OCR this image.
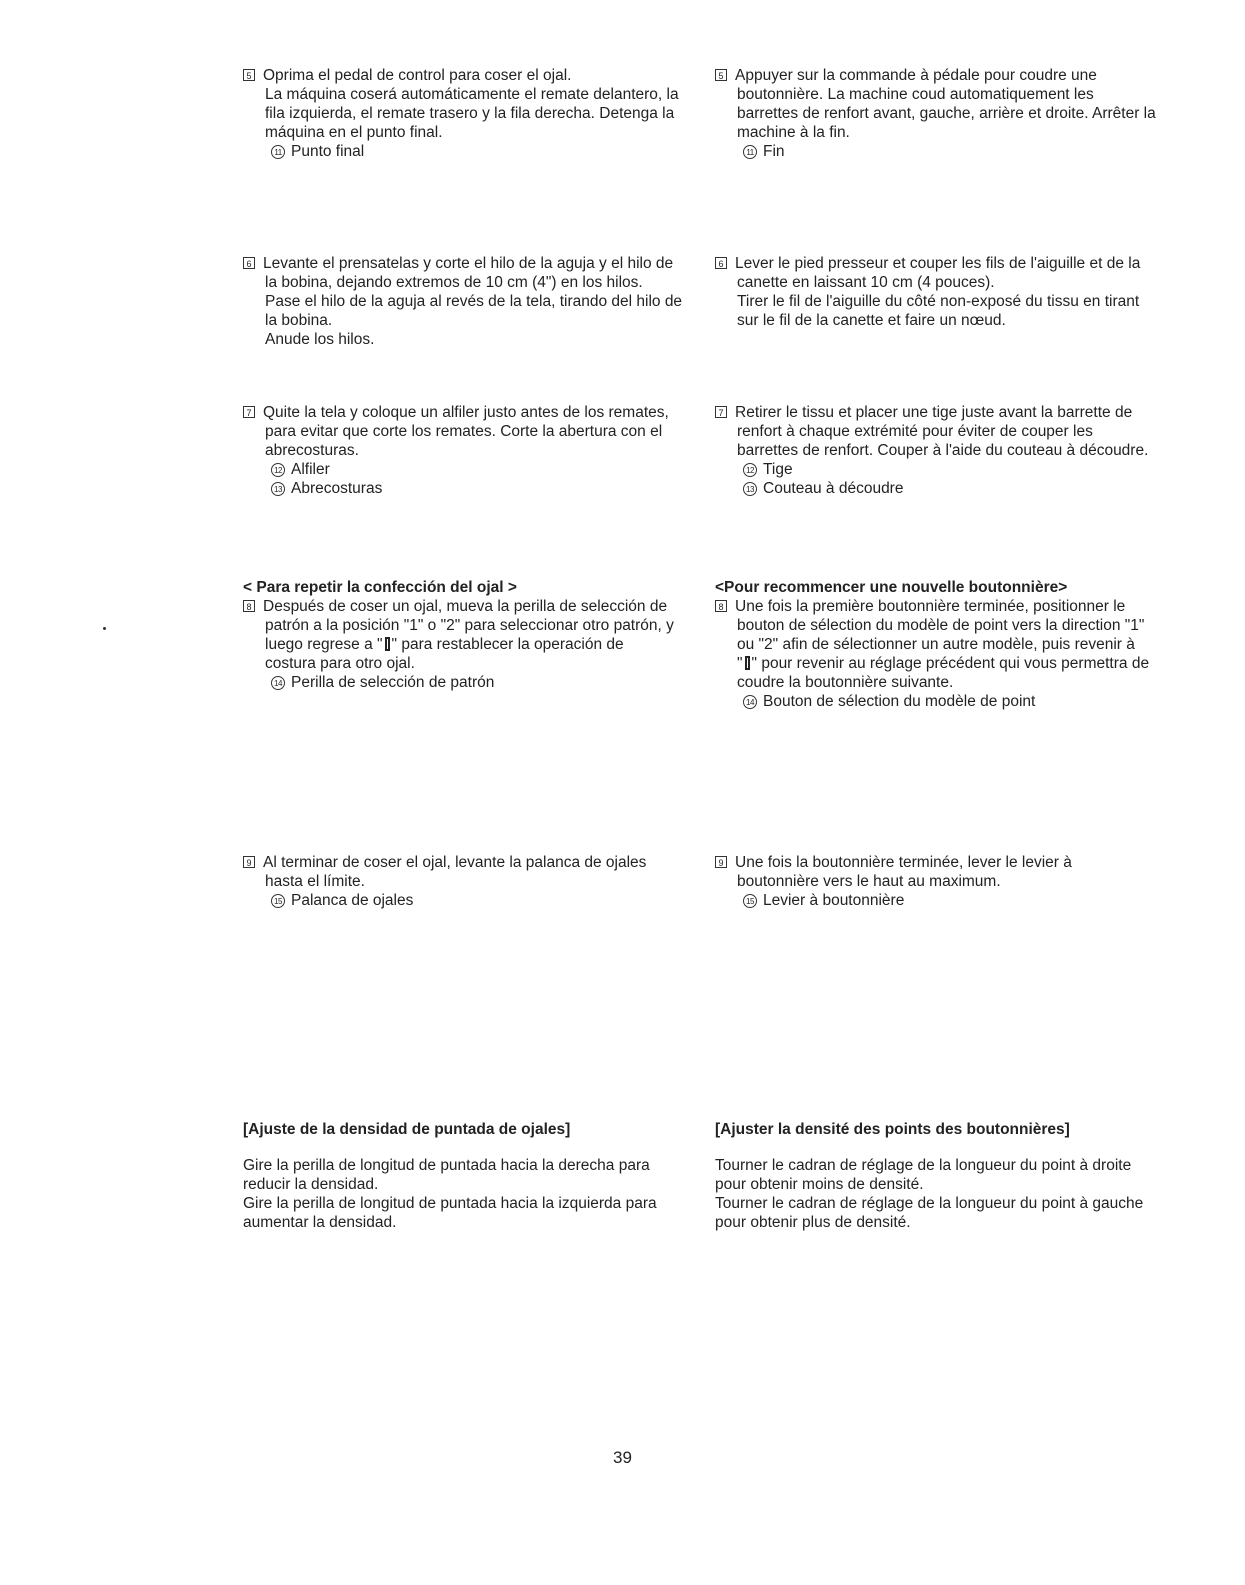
5 Oprima el pedal de control para coser el ojal.
La máquina coserá automáticamente el remate delantero, la
fila izquierda, el remate trasero y la fila derecha. Detenga la
máquina en el punto final.
11 Punto final
5 Appuyer sur la commande à pédale pour coudre une
boutonnière. La machine coud automatiquement les
barrettes de renfort avant, gauche, arrière et droite. Arrêter la
machine à la fin.
11 Fin
6 Levante el prensatelas y corte el hilo de la aguja y el hilo de
la bobina, dejando extremos de 10 cm (4") en los hilos.
Pase el hilo de la aguja al revés de la tela, tirando del hilo de
la bobina.
Anude los hilos.
6 Lever le pied presseur et couper les fils de l'aiguille et de la
canette en laissant 10 cm (4 pouces).
Tirer le fil de l'aiguille du côté non-exposé du tissu en tirant
sur le fil de la canette et faire un nœud.
7 Quite la tela y coloque un alfiler justo antes de los remates,
para evitar que corte los remates. Corte la abertura con el
abrecosturas.
12 Alfiler
13 Abrecosturas
7 Retirer le tissu et placer une tige juste avant la barrette de
renfort à chaque extrémité pour éviter de couper les
barrettes de renfort. Couper à l'aide du couteau à découdre.
12 Tige
13 Couteau à découdre
< Para repetir la confección del ojal >
8 Después de coser un ojal, mueva la perilla de selección de
patrón a la posición "1" o "2" para seleccionar otro patrón, y
luego regrese a " " para restablecer la operación de
costura para otro ojal.
14 Perilla de selección de patrón
<Pour recommencer une nouvelle boutonnière>
8 Une fois la première boutonnière terminée, positionner le
bouton de sélection du modèle de point vers la direction "1"
ou "2" afin de sélectionner un autre modèle, puis revenir à
" " pour revenir au réglage précédent qui vous permettra de
coudre la boutonnière suivante.
14 Bouton de sélection du modèle de point
9 Al terminar de coser el ojal, levante la palanca de ojales
hasta el límite.
15 Palanca de ojales
9 Une fois la boutonnière terminée, lever le levier à
boutonnière vers le haut au maximum.
15 Levier à boutonnière
[Ajuste de la densidad de puntada de ojales]
Gire la perilla de longitud de puntada hacia la derecha para
reducir la densidad.
Gire la perilla de longitud de puntada hacia la izquierda para
aumentar la densidad.
[Ajuster la densité des points des boutonnières]
Tourner le cadran de réglage de la longueur du point à droite
pour obtenir moins de densité.
Tourner le cadran de réglage de la longueur du point à gauche
pour obtenir plus de densité.
39
